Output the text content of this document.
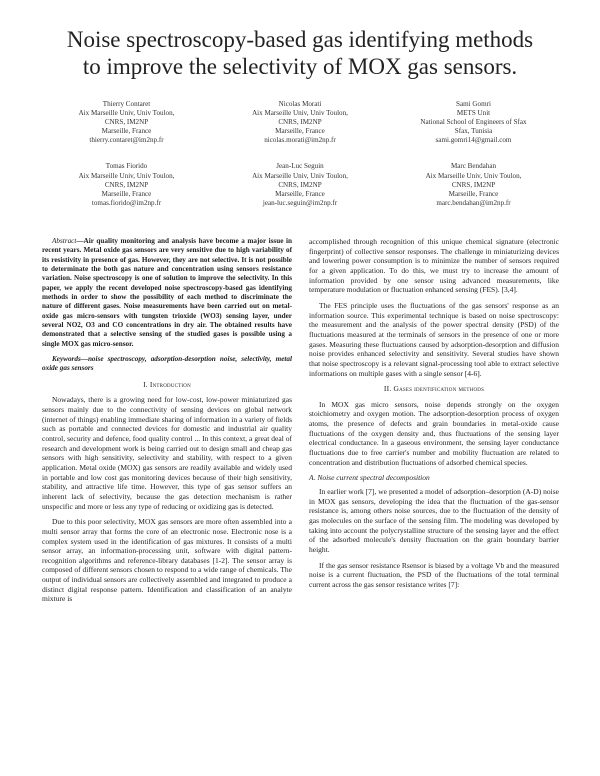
Noise spectroscopy-based gas identifying methods
to improve the selectivity of MOX gas sensors.
Thierry Contaret
Aix Marseille Univ, Univ Toulon,
CNRS, IM2NP
Marseille, France
thierry.contaret@im2np.fr
Nicolas Morati
Aix Marseille Univ, Univ Toulon,
CNRS, IM2NP
Marseille, France
nicolas.morati@im2np.fr
Sami Gomri
METS Unit
National School of Engineers of Sfax
Sfax, Tunisia
sami.gomri14@gmail.com
Tomas Fiorido
Aix Marseille Univ, Univ Toulon,
CNRS, IM2NP
Marseille, France
tomas.fiorido@im2np.fr
Jean-Luc Seguin
Aix Marseille Univ, Univ Toulon,
CNRS, IM2NP
Marseille, France
jean-luc.seguin@im2np.fr
Marc Bendahan
Aix Marseille Univ, Univ Toulon,
CNRS, IM2NP
Marseille, France
marc.bendahan@im2np.fr

Abstract—Air quality monitoring and analysis have become a major issue in recent years. Metal oxide gas sensors are very sensitive due to high variability of its resistivity in presence of gas. However, they are not selective. It is not possible to determinate the both gas nature and concentration using sensors resistance variation. Noise spectroscopy is one of solution to improve the selectivity. In this paper, we apply the recent developed noise spectroscopy-based gas identifying methods in order to show the possibility of each method to discriminate the nature of different gases. Noise measurements have been carried out on metal-oxide gas micro-sensors with tungsten trioxide (WO3) sensing layer, under several NO2, O3 and CO concentrations in dry air. The obtained results have demonstrated that a selective sensing of the studied gases is possible using a single MOX gas micro-sensor.

Keywords—noise spectroscopy, adsorption-desorption noise, selectivity, metal oxide gas sensors

I. Introduction

Nowadays, there is a growing need for low-cost, low-power miniaturized gas sensors mainly due to the connectivity of sensing devices on global network (internet of things) enabling immediate sharing of information in a variety of fields such as portable and connected devices for domestic and industrial air quality control, security and defence, food quality control ... In this context, a great deal of research and development work is being carried out to design small and cheap gas sensors with high sensitivity, selectivity and stability, with respect to a given application. Metal oxide (MOX) gas sensors are readily available and widely used in portable and low cost gas monitoring devices because of their high sensitivity, stability, and attractive life time. However, this type of gas sensor suffers an inherent lack of selectivity, because the gas detection mechanism is rather unspecific and more or less any type of reducing or oxidizing gas is detected.

Due to this poor selectivity, MOX gas sensors are more often assembled into a multi sensor array that forms the core of an electronic nose. Electronic nose is a complex system used in the identification of gas mixtures. It consists of a multi sensor array, an information-processing unit, software with digital pattern-recognition algorithms and reference-library databases [1-2]. The sensor array is composed of different sensors chosen to respond to a wide range of chemicals. The output of individual sensors are collectively assembled and integrated to produce a distinct digital response pattern. Identification and classification of an analyte mixture is

accomplished through recognition of this unique chemical signature (electronic fingerprint) of collective sensor responses. The challenge in miniaturizing devices and lowering power consumption is to minimize the number of sensors required for a given application. To do this, we must try to increase the amount of information provided by one sensor using advanced measurements, like temperature modulation or fluctuation enhanced sensing (FES). [3,4].

The FES principle uses the fluctuations of the gas sensors' response as an information source. This experimental technique is based on noise spectroscopy: the measurement and the analysis of the power spectral density (PSD) of the fluctuations measured at the terminals of sensors in the presence of one or more gases. Measuring these fluctuations caused by adsorption-desorption and diffusion noise provides enhanced selectivity and sensitivity. Several studies have shown that noise spectroscopy is a relevant signal-processing tool able to extract selective informations on multiple gases with a single sensor [4-6].

II. Gases identification methods

In MOX gas micro sensors, noise depends strongly on the oxygen stoichiometry and oxygen motion. The adsorption-desorption process of oxygen atoms, the presence of defects and grain boundaries in metal-oxide cause fluctuations of the oxygen density and, thus fluctuations of the sensing layer electrical conductance. In a gaseous environment, the sensing layer conductance fluctuations due to free carrier's number and mobility fluctuation are related to concentration and distribution fluctuations of adsorbed chemical species.

A. Noise current spectral decomposition

In earlier work [7], we presented a model of adsorption–desorption (A-D) noise in MOX gas sensors, developing the idea that the fluctuation of the gas-sensor resistance is, among others noise sources, due to the fluctuation of the density of gas molecules on the surface of the sensing film. The modeling was developed by taking into account the polycrystalline structure of the sensing layer and the effect of the adsorbed molecule's density fluctuation on the grain boundary barrier height.

If the gas sensor resistance Rsensor is biased by a voltage Vb and the measured noise is a current fluctuation, the PSD of the fluctuations of the total terminal current across the gas sensor resistance writes [7]:
